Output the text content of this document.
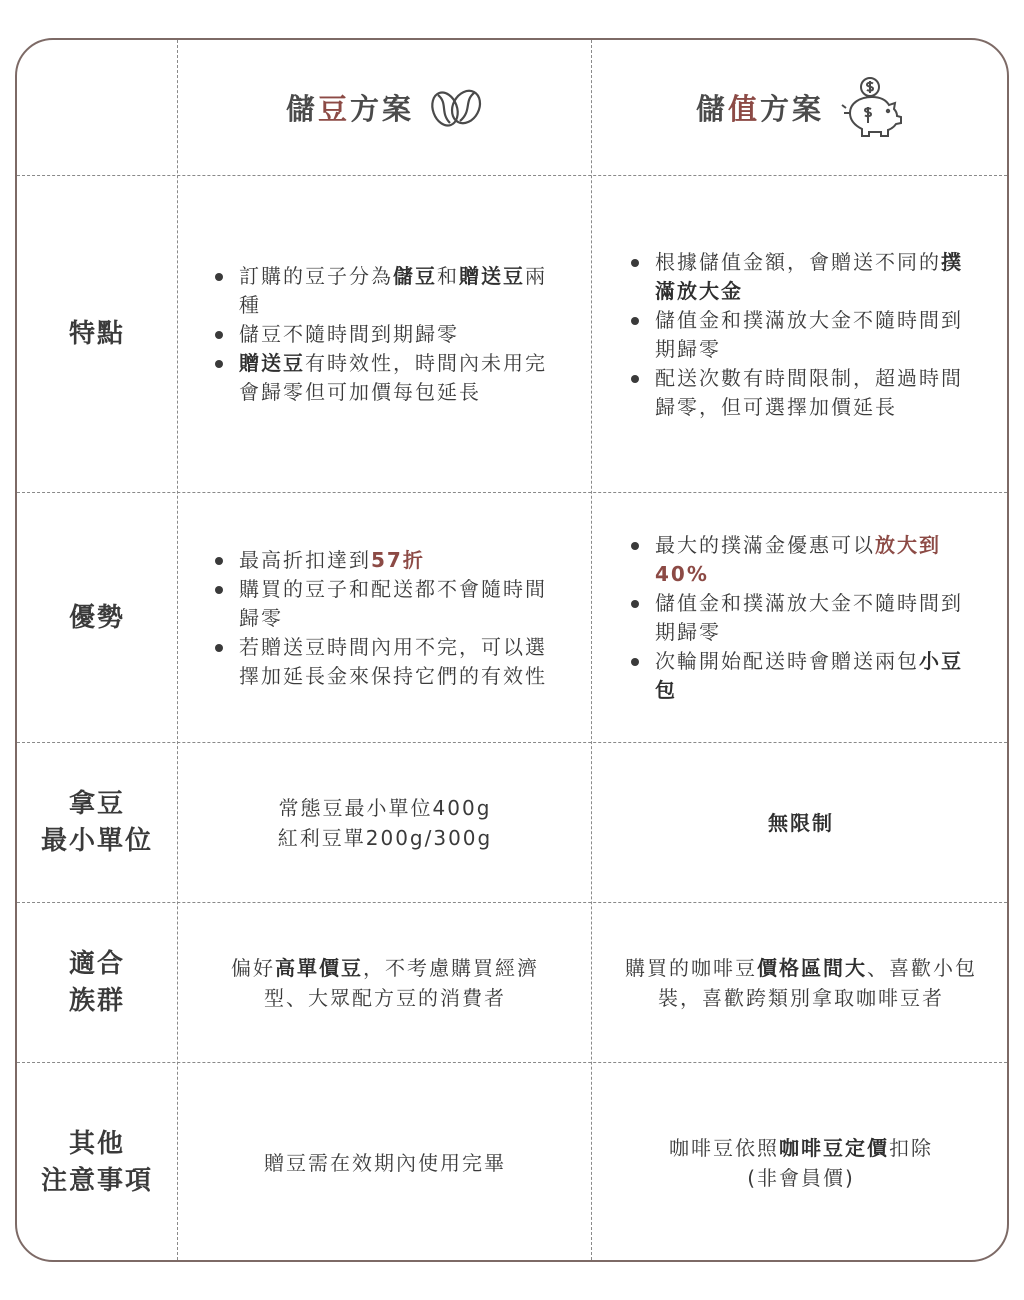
儲 豆 方案	儲 值 方案
特點
優勢
拿豆
最小單位
適合
族群
其他
注意事項
訂購的豆子分為儲豆和贈送豆兩種
儲豆不隨時間到期歸零
贈送豆有時效性，時間內未用完會歸零但可加價每包延長
根據儲值金額，會贈送不同的撲滿放大金
儲值金和撲滿放大金不隨時間到期歸零
配送次數有時間限制，超過時間歸零，但可選擇加價延長
最高折扣達到57折
購買的豆子和配送都不會隨時間歸零
若贈送豆時間內用不完，可以選擇加延長金來保持它們的有效性
最大的撲滿金優惠可以放大到40%
儲值金和撲滿放大金不隨時間到期歸零
次輪開始配送時會贈送兩包小豆包
常態豆最小單位400g
紅利豆單200g/300g
無限制
偏好高單價豆，不考慮購買經濟型、大眾配方豆的消費者
購買的咖啡豆價格區間大、喜歡小包裝，喜歡跨類別拿取咖啡豆者
贈豆需在效期內使用完畢
咖啡豆依照咖啡豆定價扣除
(非會員價)
